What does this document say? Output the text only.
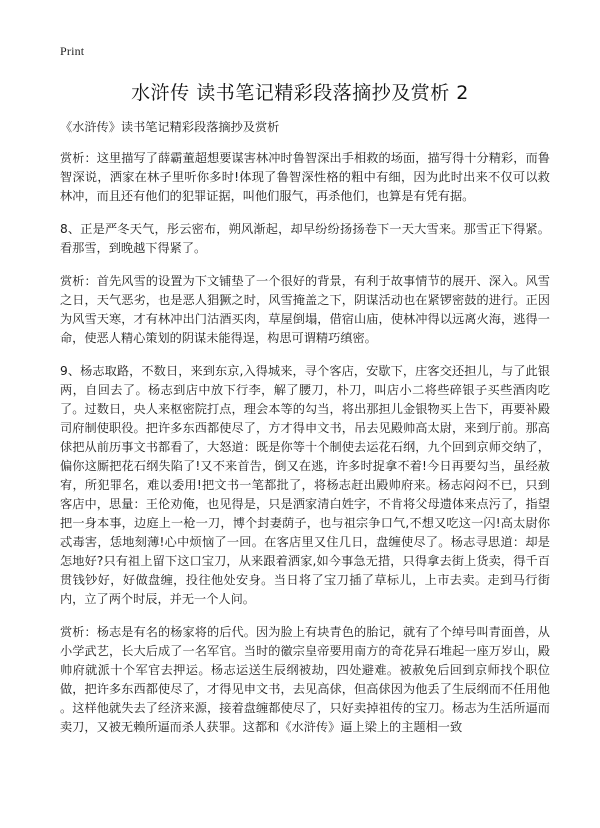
Print
水浒传 读书笔记精彩段落摘抄及赏析 2

《水浒传》读书笔记精彩段落摘抄及赏析

赏析：这里描写了薛霸董超想要谋害林冲时鲁智深出手相救的场面，描写得十分精彩，而鲁智深说，洒家在林子里听你多时!体现了鲁智深性格的粗中有细，因为此时出来不仅可以救林冲，而且还有他们的犯罪证据，叫他们服气，再杀他们，也算是有凭有据。

8、正是严冬天气，彤云密布，朔风渐起，却早纷纷扬扬卷下一天大雪来。那雪正下得紧。看那雪，到晚越下得紧了。

赏析：首先风雪的设置为下文铺垫了一个很好的背景，有利于故事情节的展开、深入。风雪之日，天气恶劣，也是恶人猖獗之时，风雪掩盖之下，阴谋活动也在紧锣密鼓的进行。正因为风雪天寒，才有林冲出门沽酒买肉，草屋倒塌，借宿山庙，使林冲得以远离火海，逃得一命，使恶人精心策划的阴谋未能得逞，构思可谓精巧缜密。

9、杨志取路，不数日，来到东京,入得城来，寻个客店，安歇下，庄客交还担儿，与了此银两，自回去了。杨志到店中放下行李，解了腰刀，朴刀，叫店小二将些碎银子买些酒肉吃了。过数日，央人来枢密院打点，理会本等的勾当，将出那担儿金银物买上告下，再要补殿司府制使职役。把许多东西都使尽了，方才得申文书，吊去见殿帅高太尉，来到厅前。那高俅把从前历事文书都看了，大怒道：既是你等十个制使去运花石纲，九个回到京师交纳了，偏你这厮把花石纲失陷了!又不来首告，倒又在逃，许多时捉拿不着!今日再要勾当，虽经赦宥，所犯罪名，难以委用!把文书一笔都批了，将杨志赶出殿帅府来。杨志闷闷不已，只到客店中，思量：王伦劝俺，也见得是，只是洒家清白姓字，不肯将父母遗体来点污了，指望把一身本事，边庭上一枪一刀，博个封妻荫子，也与祖宗争口气,不想又吃这一闪!高太尉你忒毒害，恁地刻薄!心中烦恼了一回。在客店里又住几日，盘缠使尽了。杨志寻思道：却是怎地好?只有祖上留下这口宝刀，从来跟着洒家,如今事急无措，只得拿去街上货卖，得千百贯钱钞好，好做盘缠，投往他处安身。当日将了宝刀插了草标儿，上市去卖。走到马行街内，立了两个时辰，并无一个人问。

赏析：杨志是有名的杨家将的后代。因为脸上有块青色的胎记，就有了个绰号叫青面兽，从小学武艺，长大后成了一名军官。当时的徽宗皇帝要用南方的奇花异石堆起一座万岁山，殿帅府就派十个军官去押运。杨志运送生辰纲被劫，四处避难。被赦免后回到京师找个职位做，把许多东西都使尽了，才得见申文书，去见高俅，但高俅因为他丢了生辰纲而不任用他 。这样他就失去了经济来源，接着盘缠都使尽了，只好卖掉祖传的宝刀。杨志为生活所逼而卖刀，又被无赖所逼而杀人获罪。这都和《水浒传》逼上梁上的主题相一致
